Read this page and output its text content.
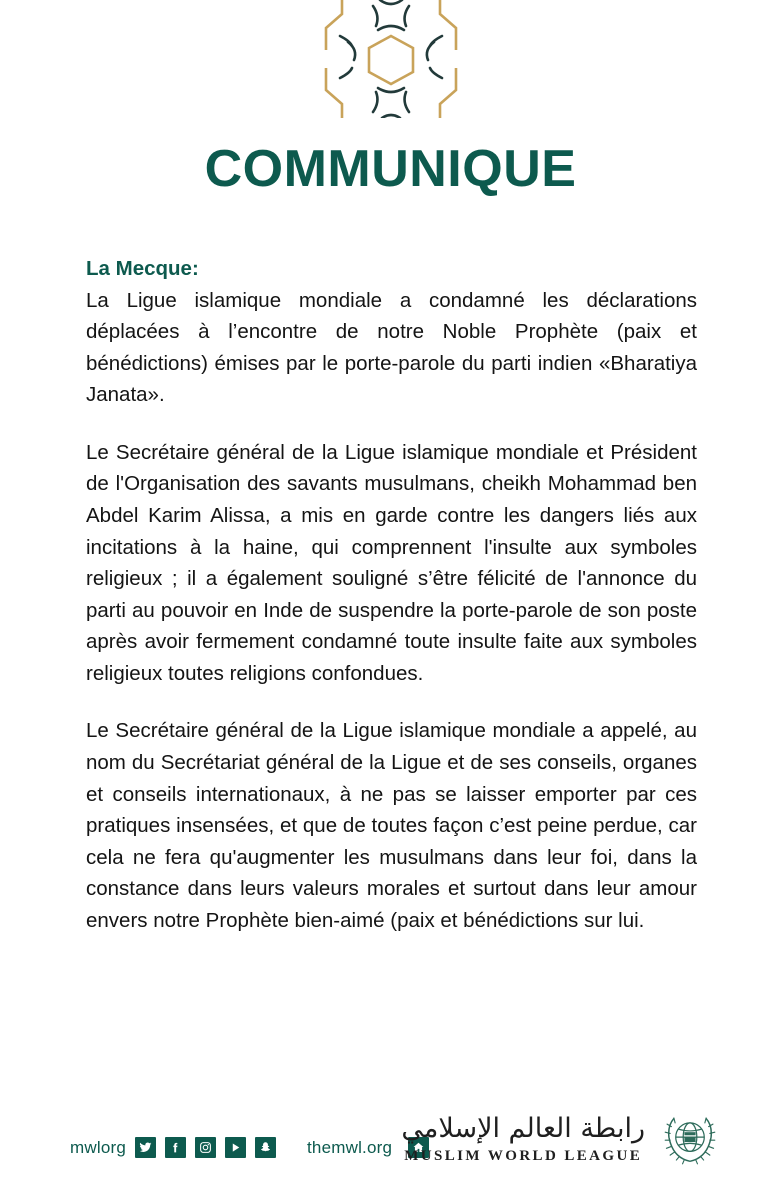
COMMUNIQUE
La Mecque:

La Ligue islamique mondiale a condamné les déclarations déplacées à l’encontre de notre Noble Prophète (paix et bénédictions) émises par le porte-parole du parti indien «Bharatiya Janata».

Le Secrétaire général de la Ligue islamique mondiale et Président de l'Organisation des savants musulmans, cheikh Mohammad ben Abdel Karim Alissa, a mis en garde contre les dangers liés aux incitations à la haine, qui comprennent l'insulte aux symboles religieux ; il a également souligné s’être félicité de l'annonce du parti au pouvoir en Inde de suspendre la porte-parole de son poste après avoir fermement condamné toute insulte faite aux symboles religieux toutes religions confondues.

Le Secrétaire général de la Ligue islamique mondiale a appelé, au nom du Secrétariat général de la Ligue et de ses conseils, organes et conseils internationaux, à ne pas se laisser emporter par ces pratiques insensées, et que de toutes façon c’est peine perdue, car cela ne fera qu'augmenter les musulmans dans leur foi, dans la constance dans leurs valeurs morales et surtout dans leur amour envers notre Prophète bien-aimé (paix et bénédictions sur lui.

mwlorg	themwl.org
رابطة العالم الإسلامي
MUSLIM WORLD LEAGUE
